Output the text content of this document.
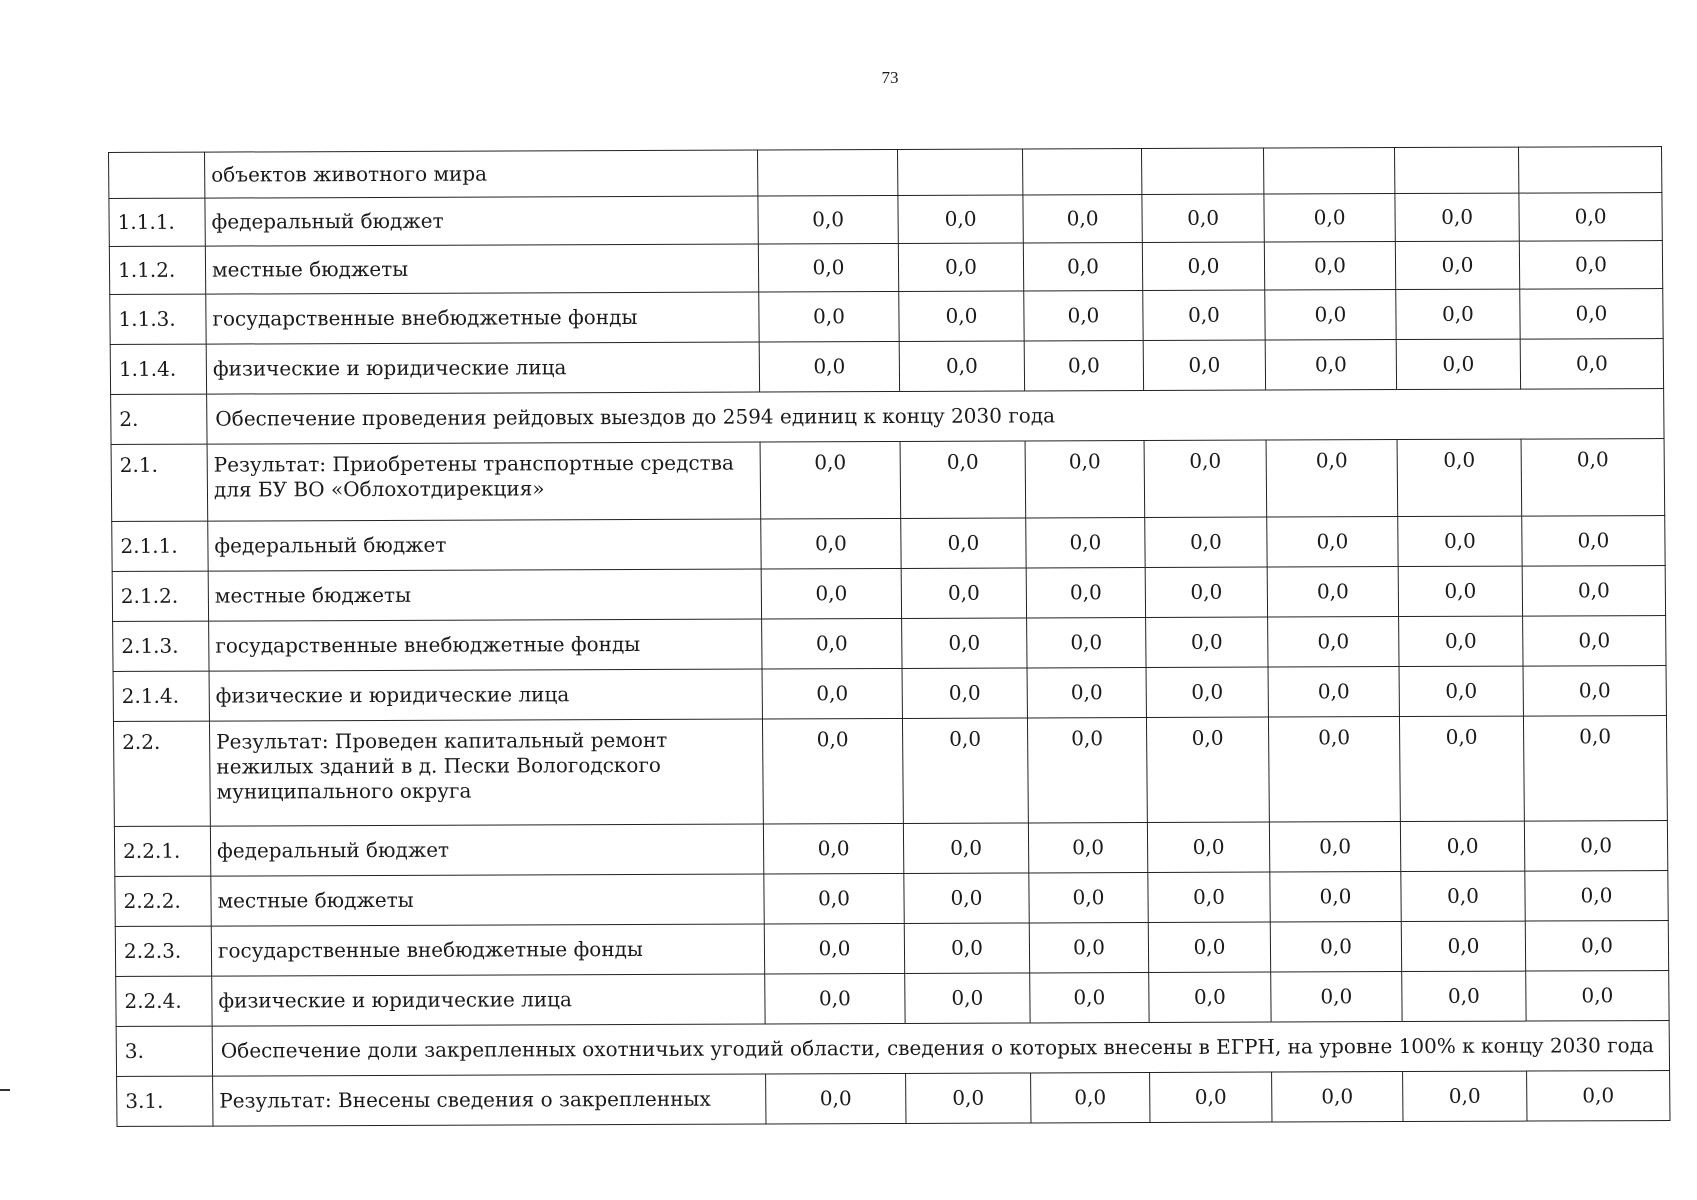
73
	объектов животного мира							
1.1.1.	федеральный бюджет	0,0	0,0	0,0	0,0	0,0	0,0	0,0
1.1.2.	местные бюджеты	0,0	0,0	0,0	0,0	0,0	0,0	0,0
1.1.3.	государственные внебюджетные фонды	0,0	0,0	0,0	0,0	0,0	0,0	0,0
1.1.4.	физические и юридические лица	0,0	0,0	0,0	0,0	0,0	0,0	0,0
2.	Обеспечение проведения рейдовых выездов до 2594 единиц к концу 2030 года							
2.1.	Результат: Приобретены транспортные средства для БУ ВО «Облохотдирекция»	0,0	0,0	0,0	0,0	0,0	0,0	0,0
2.1.1.	федеральный бюджет	0,0	0,0	0,0	0,0	0,0	0,0	0,0
2.1.2.	местные бюджеты	0,0	0,0	0,0	0,0	0,0	0,0	0,0
2.1.3.	государственные внебюджетные фонды	0,0	0,0	0,0	0,0	0,0	0,0	0,0
2.1.4.	физические и юридические лица	0,0	0,0	0,0	0,0	0,0	0,0	0,0
2.2.	Результат: Проведен капитальный ремонт нежилых зданий в д. Пески Вологодского муниципального округа	0,0	0,0	0,0	0,0	0,0	0,0	0,0
2.2.1.	федеральный бюджет	0,0	0,0	0,0	0,0	0,0	0,0	0,0
2.2.2.	местные бюджеты	0,0	0,0	0,0	0,0	0,0	0,0	0,0
2.2.3.	государственные внебюджетные фонды	0,0	0,0	0,0	0,0	0,0	0,0	0,0
2.2.4.	физические и юридические лица	0,0	0,0	0,0	0,0	0,0	0,0	0,0
3.	Обеспечение доли закрепленных охотничьих угодий области, сведения о которых внесены в ЕГРН, на уровне 100% к концу 2030 года							
3.1.	Результат: Внесены сведения о закрепленных	0,0	0,0	0,0	0,0	0,0	0,0	0,0
